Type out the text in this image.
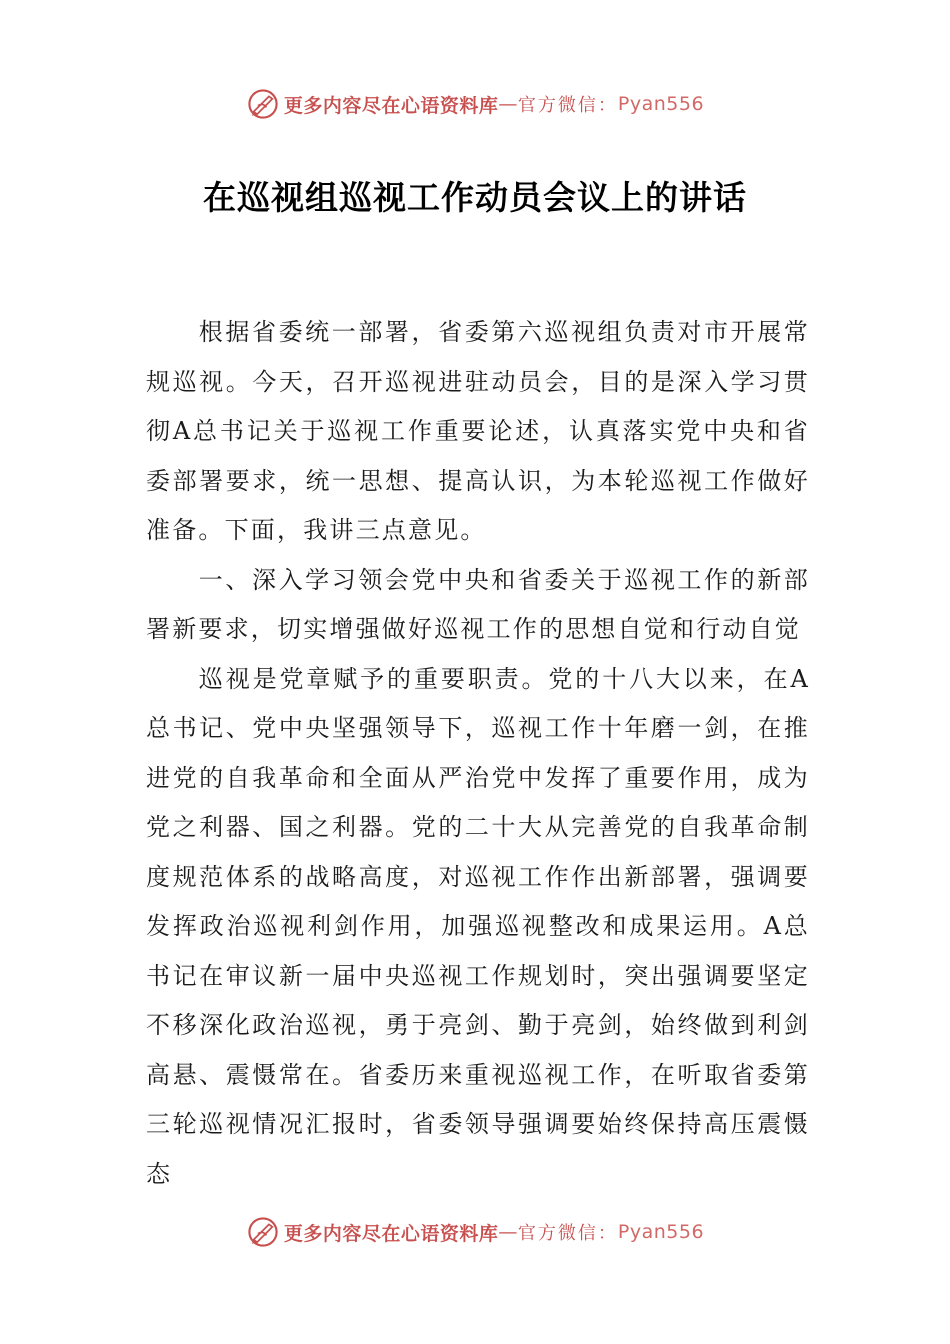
更多内容尽在心语资料库 — 官方微信： Pyan556
在巡视组巡视工作动员会议上的讲话

根据省委统一部署，省委第六巡视组负责对市开展常规巡视。今天，召开巡视进驻动员会，目的是深入学习贯彻A总书记关于巡视工作重要论述，认真落实党中央和省委部署要求，统一思想、提高认识，为本轮巡视工作做好准备。下面，我讲三点意见。

一、深入学习领会党中央和省委关于巡视工作的新部署新要求，切实增强做好巡视工作的思想自觉和行动自觉

巡视是党章赋予的重要职责。党的十八大以来，在A总书记、党中央坚强领导下，巡视工作十年磨一剑，在推进党的自我革命和全面从严治党中发挥了重要作用，成为党之利器、国之利器。党的二十大从完善党的自我革命制度规范体系的战略高度，对巡视工作作出新部署，强调要发挥政治巡视利剑作用，加强巡视整改和成果运用。A总书记在审议新一届中央巡视工作规划时，突出强调要坚定不移深化政治巡视，勇于亮剑、勤于亮剑，始终做到利剑高悬、震慑常在。省委历来重视巡视工作，在听取省委第三轮巡视情况汇报时，省委领导强调要始终保持高压震慑态

更多内容尽在心语资料库 — 官方微信： Pyan556
